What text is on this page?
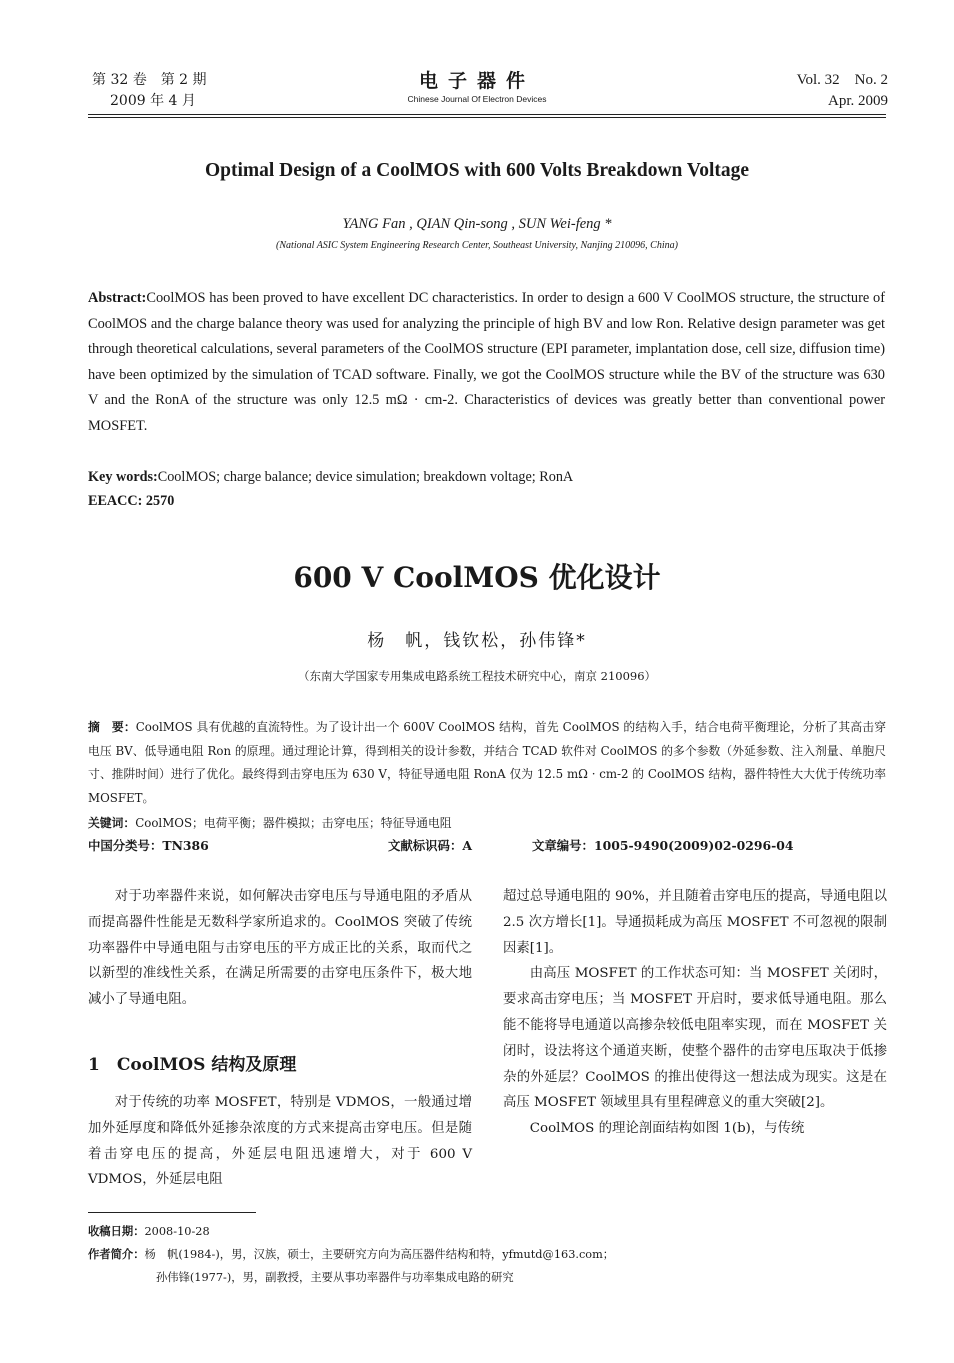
第 32 卷　第 2 期
2009 年 4 月
电子器件
Chinese Journal Of Electron Devices
Vol. 32　No. 2
Apr. 2009
Optimal Design of a CoolMOS with 600 Volts Breakdown Voltage
YANG Fan , QIAN Qin-song , SUN Wei-feng *
(National ASIC System Engineering Research Center, Southeast University, Nanjing 210096, China)
Abstract:CoolMOS has been proved to have excellent DC characteristics. In order to design a 600 V CoolMOS structure, the structure of CoolMOS and the charge balance theory was used for analyzing the principle of high BV and low Ron. Relative design parameter was get through theoretical calculations, several parameters of the CoolMOS structure (EPI parameter, implantation dose, cell size, diffusion time) have been optimized by the simulation of TCAD software. Finally, we got the CoolMOS structure while the BV of the structure was 630 V and the RonA of the structure was only 12.5 mΩ · cm-2. Characteristics of devices was greatly better than conventional power MOSFET.
Key words:CoolMOS; charge balance; device simulation; breakdown voltage; RonA
EEACC: 2570
600 V CoolMOS 优化设计
杨　帆，钱钦松，孙伟锋*
（东南大学国家专用集成电路系统工程技术研究中心，南京 210096）
摘　要：CoolMOS 具有优越的直流特性。为了设计出一个 600V CoolMOS 结构，首先 CoolMOS 的结构入手，结合电荷平衡理论，分析了其高击穿电压 BV、低导通电阻 Ron 的原理。通过理论计算，得到相关的设计参数，并结合 TCAD 软件对 CoolMOS 的多个参数（外延参数、注入剂量、单胞尺寸、推阱时间）进行了优化。最终得到击穿电压为 630 V，特征导通电阻 RonA 仅为 12.5 mΩ · cm-2 的 CoolMOS 结构，器件特性大大优于传统功率 MOSFET。
关键词：CoolMOS；电荷平衡；器件模拟；击穿电压；特征导通电阻
中国分类号：TN386	文献标识码：A	文章编号：1005-9490(2009)02-0296-04
对于功率器件来说，如何解决击穿电压与导通电阻的矛盾从而提高器件性能是无数科学家所追求的。CoolMOS 突破了传统功率器件中导通电阻与击穿电压的平方成正比的关系，取而代之以新型的准线性关系，在满足所需要的击穿电压条件下，极大地减小了导通电阻。
1　CoolMOS 结构及原理
对于传统的功率 MOSFET，特别是 VDMOS，一般通过增加外延厚度和降低外延掺杂浓度的方式来提高击穿电压。但是随着击穿电压的提高，外延层电阻迅速增大，对于 600 V VDMOS，外延层电阻
超过总导通电阻的 90%，并且随着击穿电压的提高，导通电阻以 2.5 次方增长[1]。导通损耗成为高压 MOSFET 不可忽视的限制因素[1]。
由高压 MOSFET 的工作状态可知：当 MOSFET 关闭时，要求高击穿电压；当 MOSFET 开启时，要求低导通电阻。那么能不能将导电通道以高掺杂较低电阻率实现，而在 MOSFET 关闭时，设法将这个通道夹断，使整个器件的击穿电压取决于低掺杂的外延层？CoolMOS 的推出使得这一想法成为现实。这是在高压 MOSFET 领域里具有里程碑意义的重大突破[2]。
CoolMOS 的理论剖面结构如图 1(b)，与传统
收稿日期：2008-10-28
作者简介：杨　帆(1984-)，男，汉族，硕士，主要研究方向为高压器件结构和特，yfmutd@163.com；
孙伟锋(1977-)，男，副教授，主要从事功率器件与功率集成电路的研究
